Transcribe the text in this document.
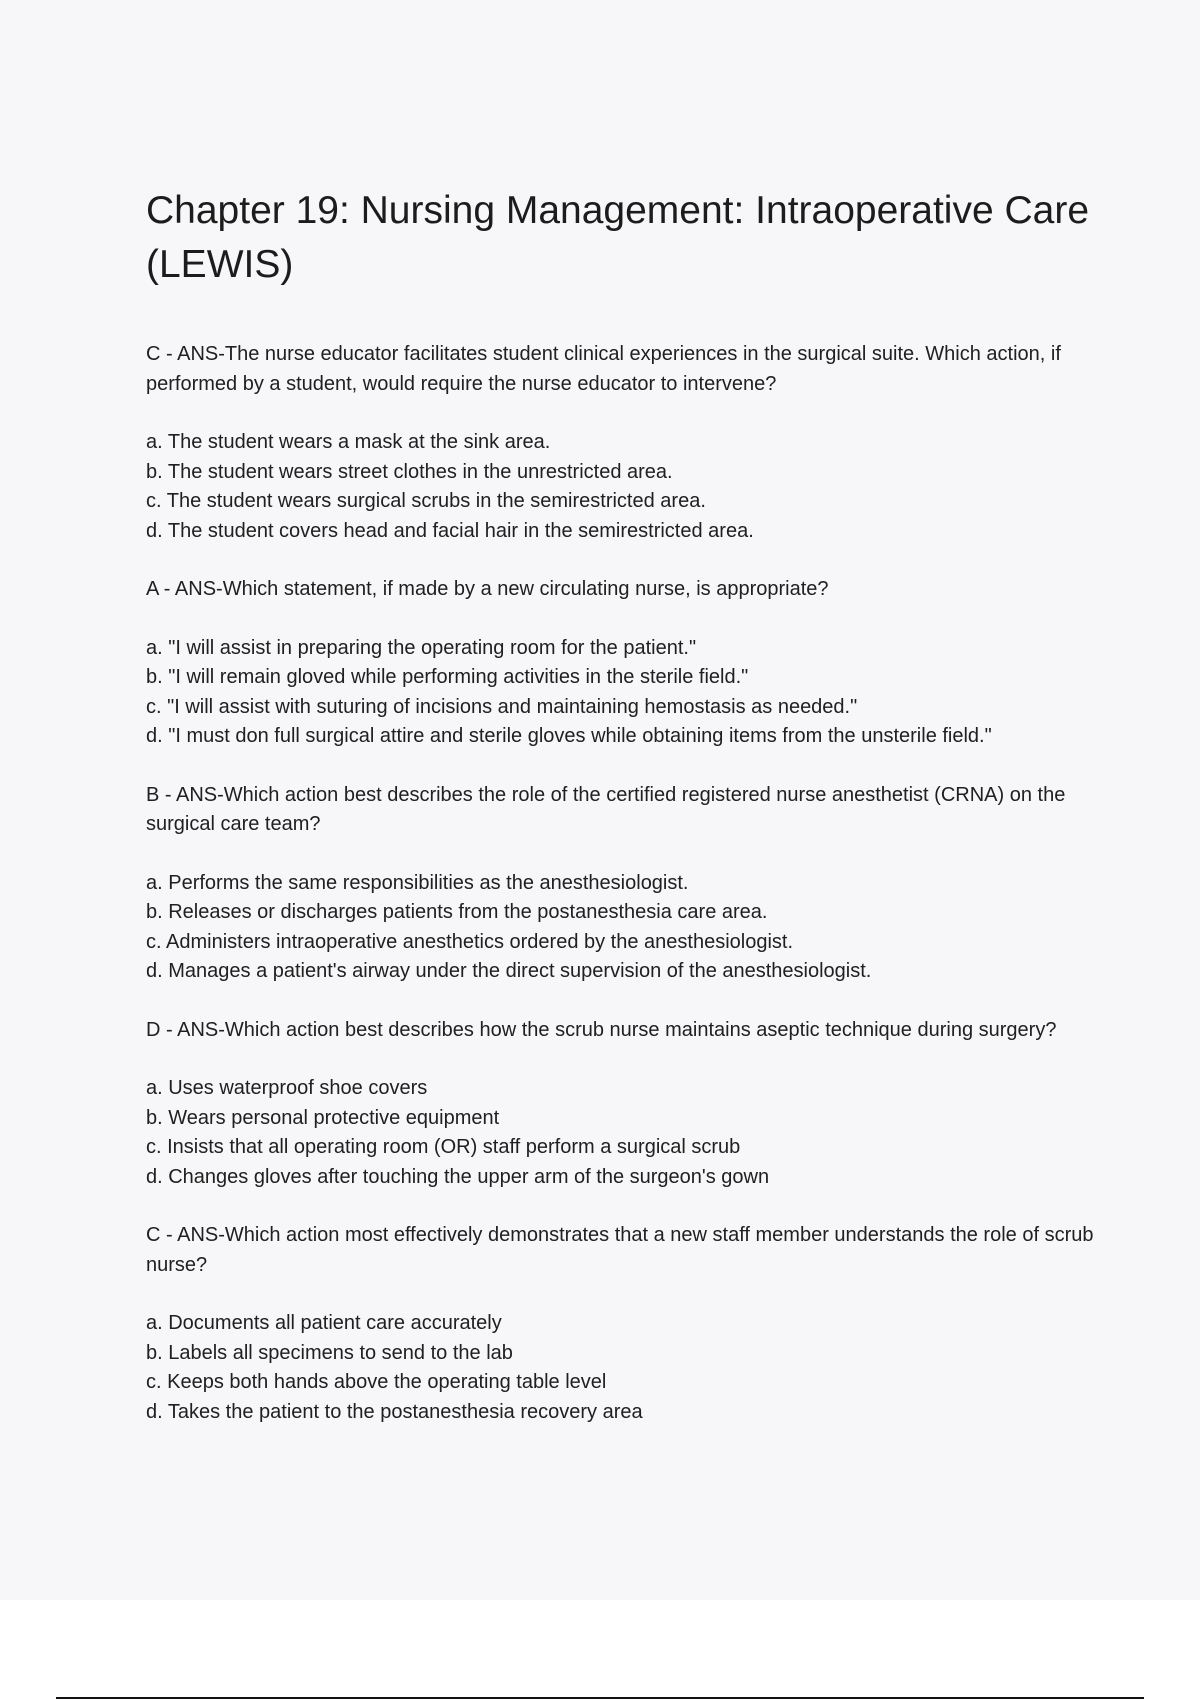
Chapter 19: Nursing Management: Intraoperative Care (LEWIS)

C - ANS-The nurse educator facilitates student clinical experiences in the surgical suite. Which action, if performed by a student, would require the nurse educator to intervene?

a. The student wears a mask at the sink area.
b. The student wears street clothes in the unrestricted area.
c. The student wears surgical scrubs in the semirestricted area.
d. The student covers head and facial hair in the semirestricted area.

A - ANS-Which statement, if made by a new circulating nurse, is appropriate?

a. "I will assist in preparing the operating room for the patient."
b. "I will remain gloved while performing activities in the sterile field."
c. "I will assist with suturing of incisions and maintaining hemostasis as needed."
d. "I must don full surgical attire and sterile gloves while obtaining items from the unsterile field."

B - ANS-Which action best describes the role of the certified registered nurse anesthetist (CRNA) on the surgical care team?

a. Performs the same responsibilities as the anesthesiologist.
b. Releases or discharges patients from the postanesthesia care area.
c. Administers intraoperative anesthetics ordered by the anesthesiologist.
d. Manages a patient's airway under the direct supervision of the anesthesiologist.

D - ANS-Which action best describes how the scrub nurse maintains aseptic technique during surgery?

a. Uses waterproof shoe covers
b. Wears personal protective equipment
c. Insists that all operating room (OR) staff perform a surgical scrub
d. Changes gloves after touching the upper arm of the surgeon's gown

C - ANS-Which action most effectively demonstrates that a new staff member understands the role of scrub nurse?

a. Documents all patient care accurately
b. Labels all specimens to send to the lab
c. Keeps both hands above the operating table level
d. Takes the patient to the postanesthesia recovery area
